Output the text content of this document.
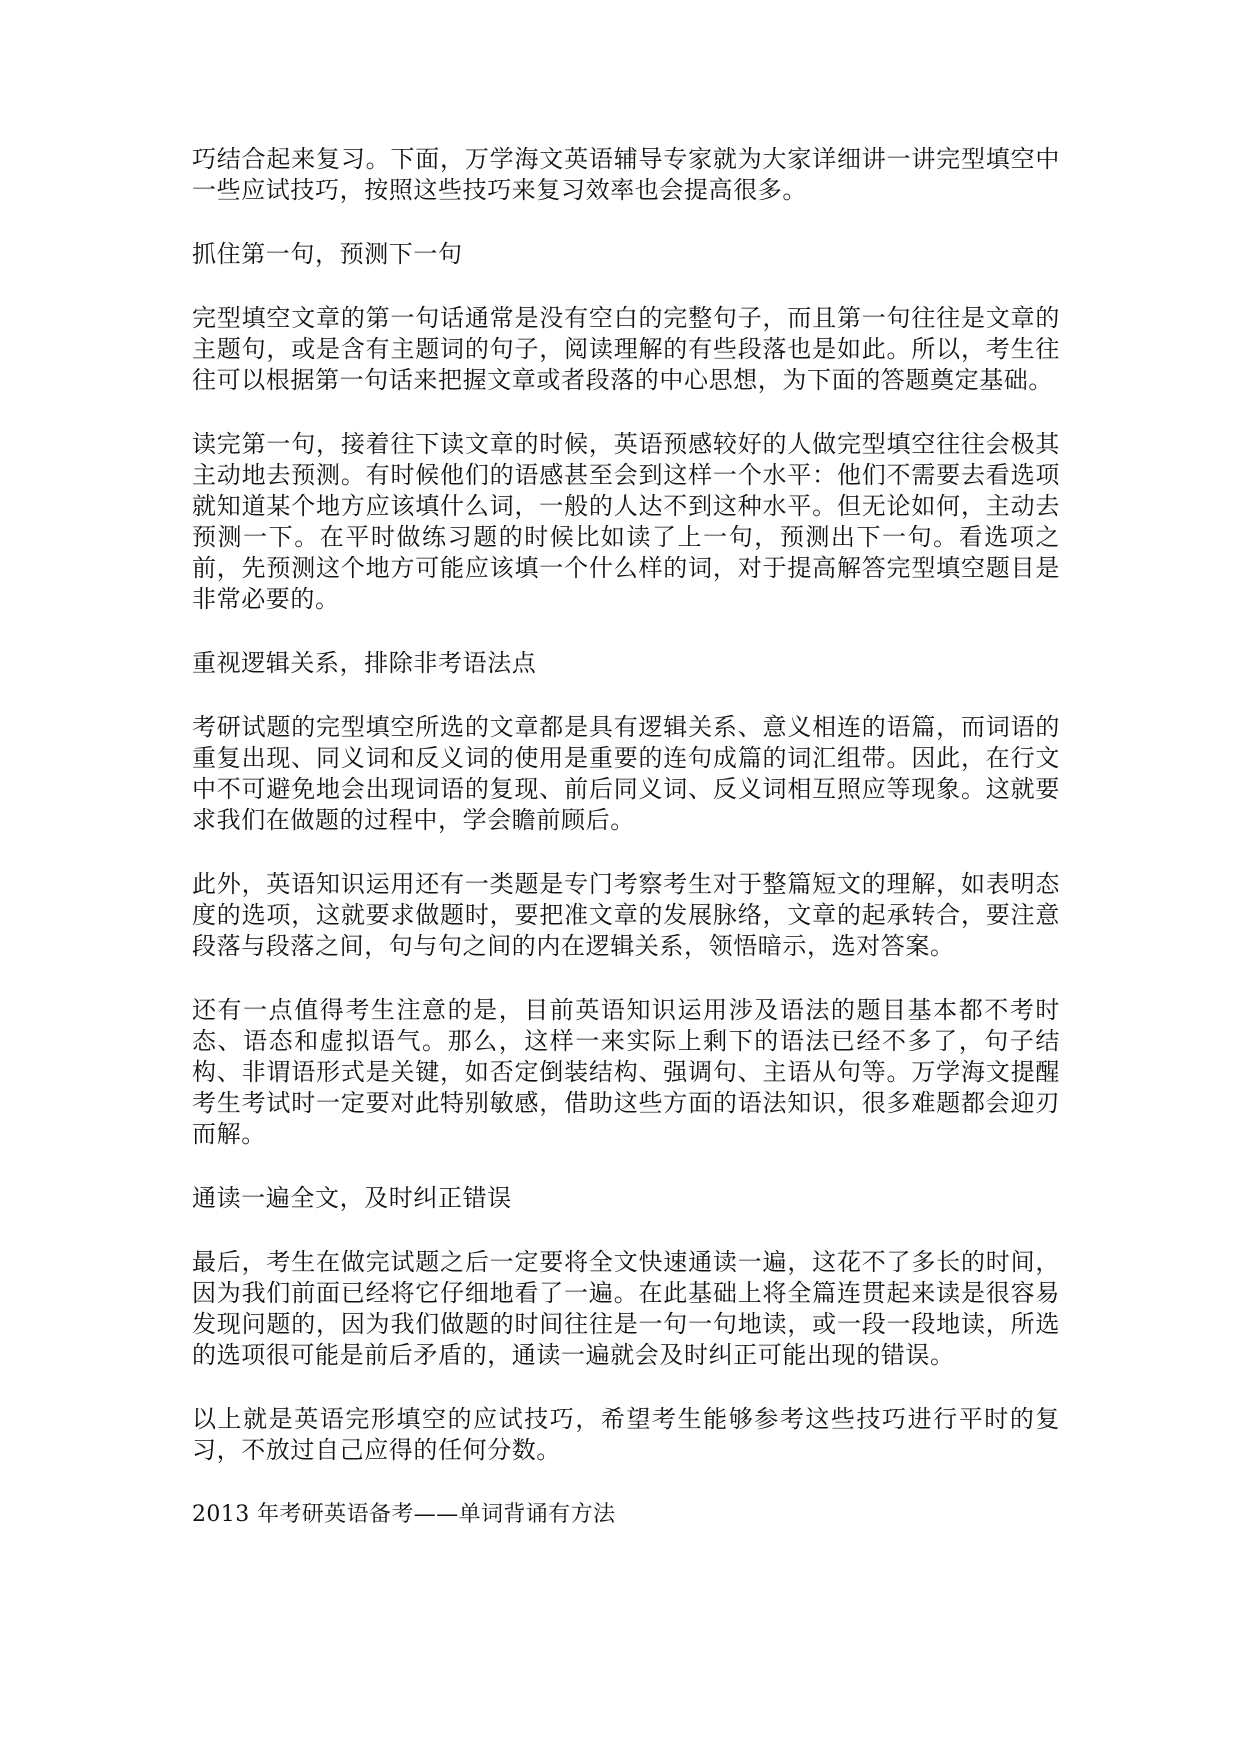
巧结合起来复习。下面，万学海文英语辅导专家就为大家详细讲一讲完型填空中一些应试技巧，按照这些技巧来复习效率也会提高很多。

抓住第一句，预测下一句

完型填空文章的第一句话通常是没有空白的完整句子，而且第一句往往是文章的主题句，或是含有主题词的句子，阅读理解的有些段落也是如此。所以，考生往往可以根据第一句话来把握文章或者段落的中心思想，为下面的答题奠定基础。

读完第一句，接着往下读文章的时候，英语预感较好的人做完型填空往往会极其主动地去预测。有时候他们的语感甚至会到这样一个水平：他们不需要去看选项就知道某个地方应该填什么词，一般的人达不到这种水平。但无论如何，主动去预测一下。在平时做练习题的时候比如读了上一句，预测出下一句。看选项之前，先预测这个地方可能应该填一个什么样的词，对于提高解答完型填空题目是非常必要的。

重视逻辑关系，排除非考语法点

考研试题的完型填空所选的文章都是具有逻辑关系、意义相连的语篇，而词语的重复出现、同义词和反义词的使用是重要的连句成篇的词汇组带。因此，在行文中不可避免地会出现词语的复现、前后同义词、反义词相互照应等现象。这就要求我们在做题的过程中，学会瞻前顾后。

此外，英语知识运用还有一类题是专门考察考生对于整篇短文的理解，如表明态度的选项，这就要求做题时，要把准文章的发展脉络，文章的起承转合，要注意段落与段落之间，句与句之间的内在逻辑关系，领悟暗示，选对答案。

还有一点值得考生注意的是，目前英语知识运用涉及语法的题目基本都不考时态、语态和虚拟语气。那么，这样一来实际上剩下的语法已经不多了，句子结构、非谓语形式是关键，如否定倒装结构、强调句、主语从句等。万学海文提醒考生考试时一定要对此特别敏感，借助这些方面的语法知识，很多难题都会迎刃而解。

通读一遍全文，及时纠正错误

最后，考生在做完试题之后一定要将全文快速通读一遍，这花不了多长的时间，因为我们前面已经将它仔细地看了一遍。在此基础上将全篇连贯起来读是很容易发现问题的，因为我们做题的时间往往是一句一句地读，或一段一段地读，所选的选项很可能是前后矛盾的，通读一遍就会及时纠正可能出现的错误。

以上就是英语完形填空的应试技巧，希望考生能够参考这些技巧进行平时的复习，不放过自己应得的任何分数。

2013 年考研英语备考——单词背诵有方法
